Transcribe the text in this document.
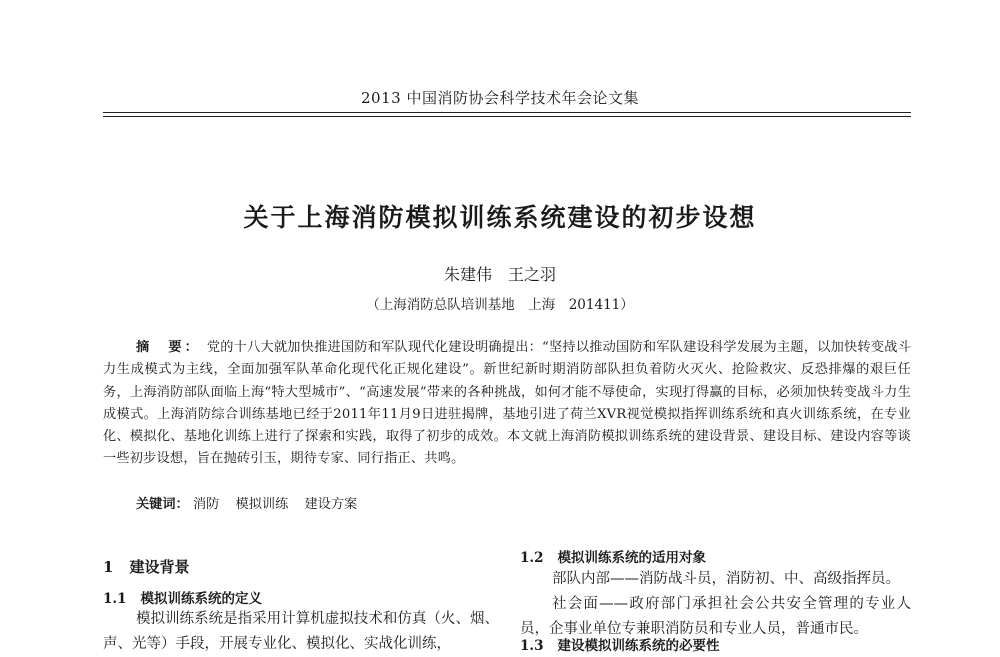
2013 中国消防协会科学技术年会论文集
关于上海消防模拟训练系统建设的初步设想
朱建伟　王之羽
（上海消防总队培训基地　上海　201411）
摘　要： 党的十八大就加快推进国防和军队现代化建设明确提出：“坚持以推动国防和军队建设科学发展为主题，以加快转变战斗力生成模式为主线，全面加强军队革命化现代化正规化建设”。新世纪新时期消防部队担负着防火灭火、抢险救灾、反恐排爆的艰巨任务，上海消防部队面临上海“特大型城市”、“高速发展”带来的各种挑战，如何才能不辱使命，实现打得赢的目标，必须加快转变战斗力生成模式。上海消防综合训练基地已经于2011年11月9日进驻揭牌，基地引进了荷兰XVR视觉模拟指挥训练系统和真火训练系统，在专业化、模拟化、基地化训练上进行了探索和实践，取得了初步的成效。本文就上海消防模拟训练系统的建设背景、建设目标、建设内容等谈一些初步设想，旨在抛砖引玉，期待专家、同行指正、共鸣。
关键词： 消防 模拟训练 建设方案
1 建设背景
1.1 模拟训练系统的定义
模拟训练系统是指采用计算机虚拟技术和仿真（火、烟、声、光等）手段，开展专业化、模拟化、实战化训练，
1.2 模拟训练系统的适用对象
部队内部——消防战斗员，消防初、中、高级指挥员。
社会面——政府部门承担社会公共安全管理的专业人员，企事业单位专兼职消防员和专业人员，普通市民。
1.3 建设模拟训练系统的必要性
